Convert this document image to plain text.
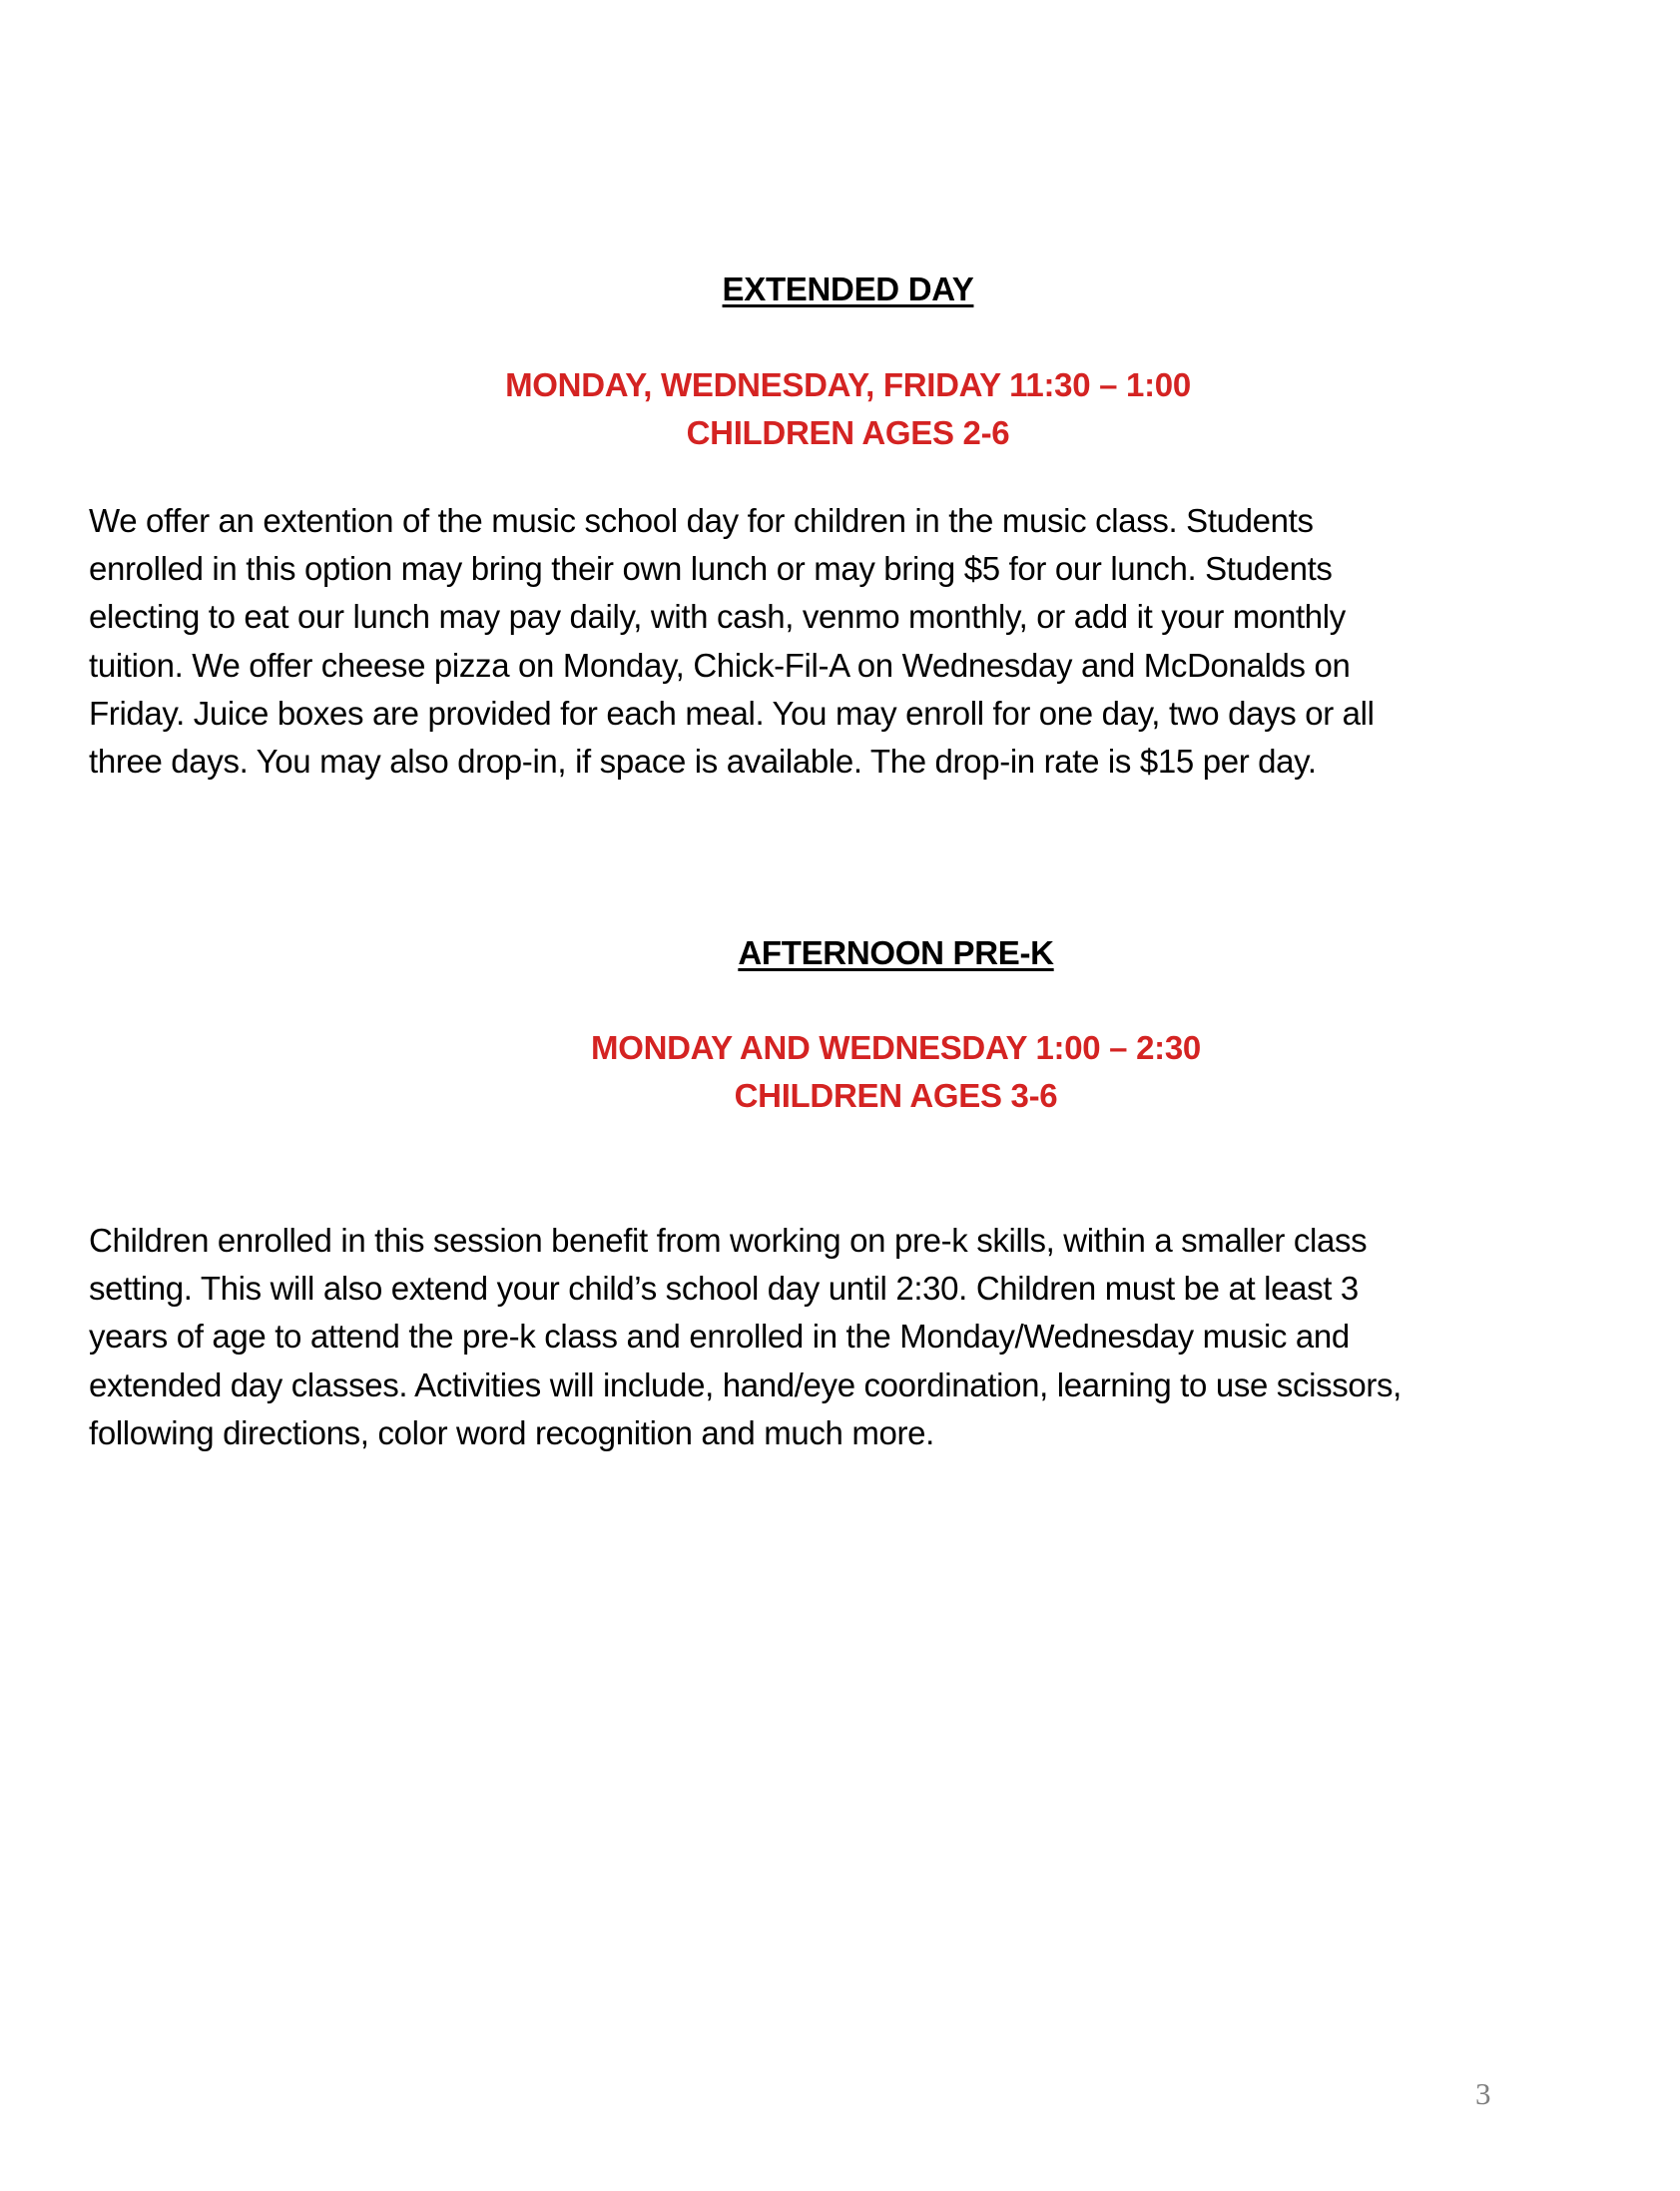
EXTENDED DAY
MONDAY, WEDNESDAY, FRIDAY 11:30 – 1:00
CHILDREN AGES 2-6
We offer an extention of the music school day for children in the music class. Students
enrolled in this option may bring their own lunch or may bring $5 for our lunch. Students
electing to eat our lunch may pay daily, with cash, venmo monthly, or add it your monthly
tuition. We offer cheese pizza on Monday, Chick-Fil-A on Wednesday and McDonalds on
Friday. Juice boxes are provided for each meal. You may enroll for one day, two days or all
three days. You may also drop-in, if space is available. The drop-in rate is $15 per day.
AFTERNOON PRE-K
MONDAY AND WEDNESDAY 1:00 – 2:30
CHILDREN AGES 3-6
Children enrolled in this session benefit from working on pre-k skills, within a smaller class
setting. This will also extend your child’s school day until 2:30. Children must be at least 3
years of age to attend the pre-k class and enrolled in the Monday/Wednesday music and
extended day classes. Activities will include, hand/eye coordination, learning to use scissors,
following directions, color word recognition and much more.
3
